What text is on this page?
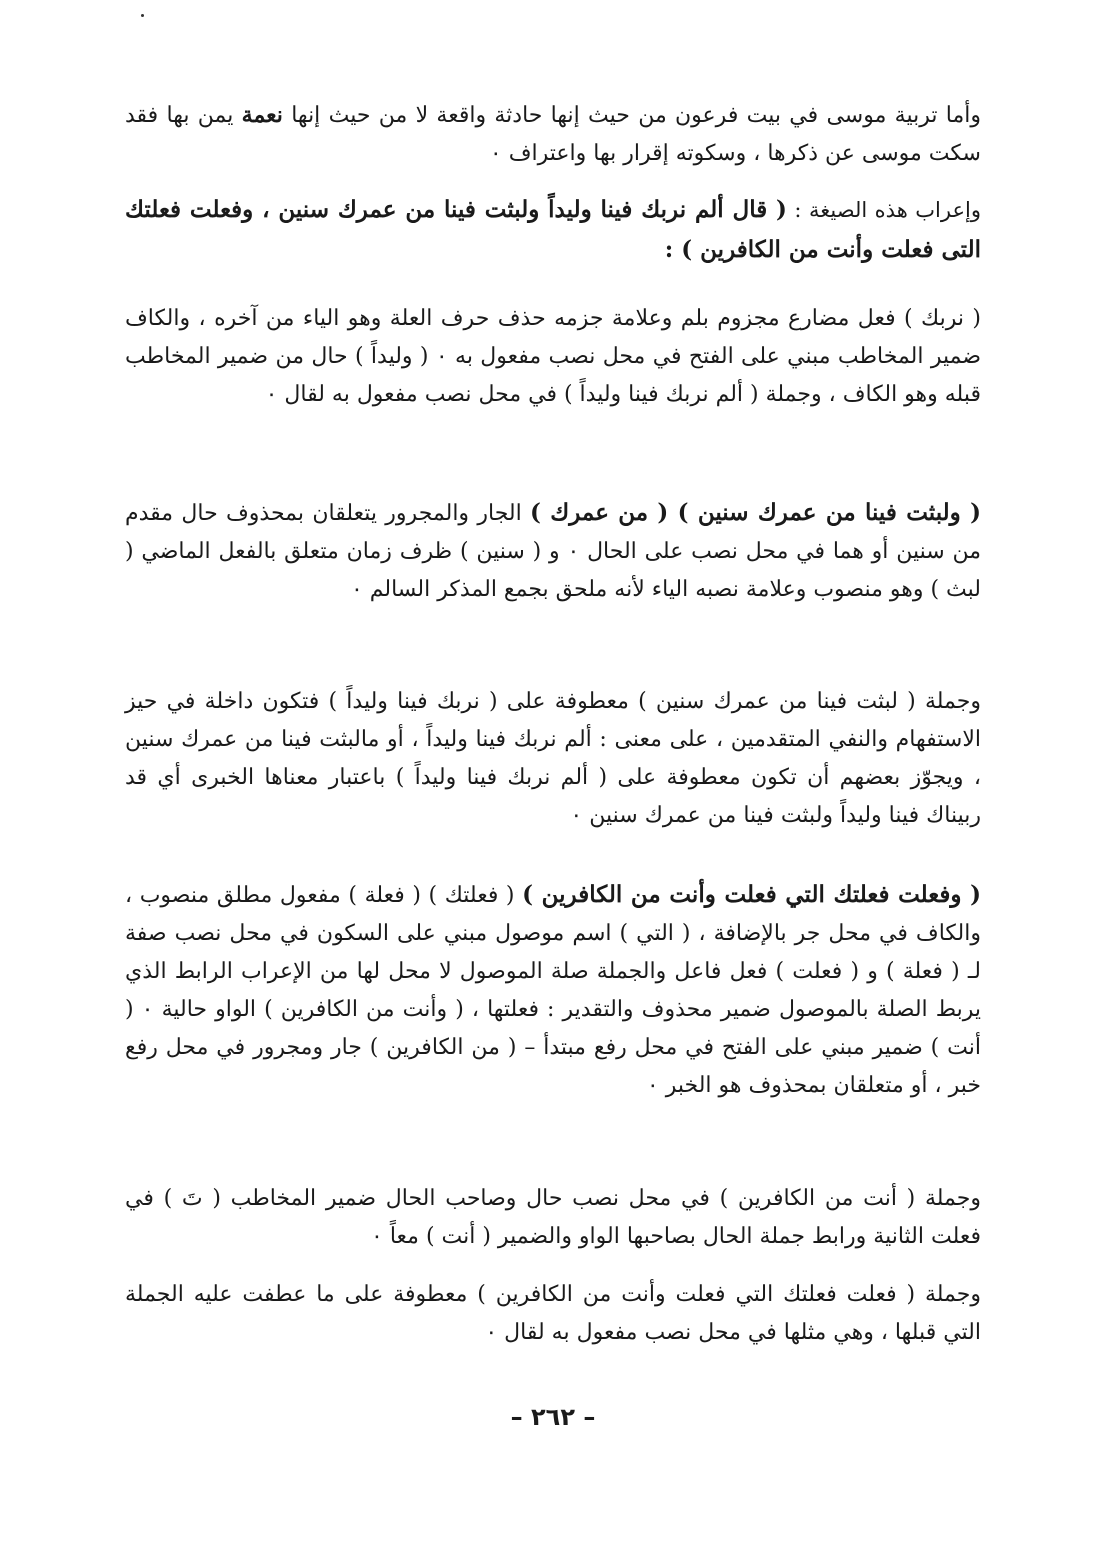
وأما تربية موسى في بيت فرعون من حيث إنها حادثة واقعة لا من حيث إنها نعمة يمن بها فقد سكت موسى عن ذكرها ، وسكوته إقرار بها واعتراف ٠

وإعراب هذه الصيغة : ( قال ألم نربك فينا وليداً ولبثت فينا من عمرك سنين ، وفعلت فعلتك التى فعلت وأنت من الكافرين ) :

( نربك ) فعل مضارع مجزوم بلم وعلامة جزمه حذف حرف العلة وهو الياء من آخره ، والكاف ضمير المخاطب مبني على الفتح في محل نصب مفعول به ٠ ( وليداً ) حال من ضمير المخاطب قبله وهو الكاف ، وجملة ( ألم نربك فينا وليداً ) في محل نصب مفعول به لقال ٠

( ولبثت فينا من عمرك سنين ) ( من عمرك ) الجار والمجرور يتعلقان بمحذوف حال مقدم من سنين أو هما في محل نصب على الحال ٠ و ( سنين ) ظرف زمان متعلق بالفعل الماضي ( لبث ) وهو منصوب وعلامة نصبه الياء لأنه ملحق بجمع المذكر السالم ٠

وجملة ( لبثت فينا من عمرك سنين ) معطوفة على ( نربك فينا وليداً ) فتكون داخلة في حيز الاستفهام والنفي المتقدمين ، على معنى : ألم نربك فينا وليداً ، أو مالبثت فينا من عمرك سنين ، ويجوّز بعضهم أن تكون معطوفة على ( ألم نربك فينا وليداً ) باعتبار معناها الخبرى أي قد ربيناك فينا وليداً ولبثت فينا من عمرك سنين ٠

( وفعلت فعلتك التي فعلت وأنت من الكافرين ) ( فعلتك ) ( فعلة ) مفعول مطلق منصوب ، والكاف في محل جر بالإضافة ، ( التي ) اسم موصول مبني على السكون في محل نصب صفة لـ ( فعلة ) و ( فعلت ) فعل فاعل والجملة صلة الموصول لا محل لها من الإعراب الرابط الذي يربط الصلة بالموصول ضمير محذوف والتقدير : فعلتها ، ( وأنت من الكافرين ) الواو حالية ٠ ( أنت ) ضمير مبني على الفتح في محل رفع مبتدأ – ( من الكافرين ) جار ومجرور في محل رفع خبر ، أو متعلقان بمحذوف هو الخبر ٠

وجملة ( أنت من الكافرين ) في محل نصب حال وصاحب الحال ضمير المخاطب ( تَ ) في فعلت الثانية ورابط جملة الحال بصاحبها الواو والضمير ( أنت ) معاً ٠

وجملة ( فعلت فعلتك التي فعلت وأنت من الكافرين ) معطوفة على ما عطفت عليه الجملة التي قبلها ، وهي مثلها في محل نصب مفعول به لقال ٠

– ٢٦٢ –
